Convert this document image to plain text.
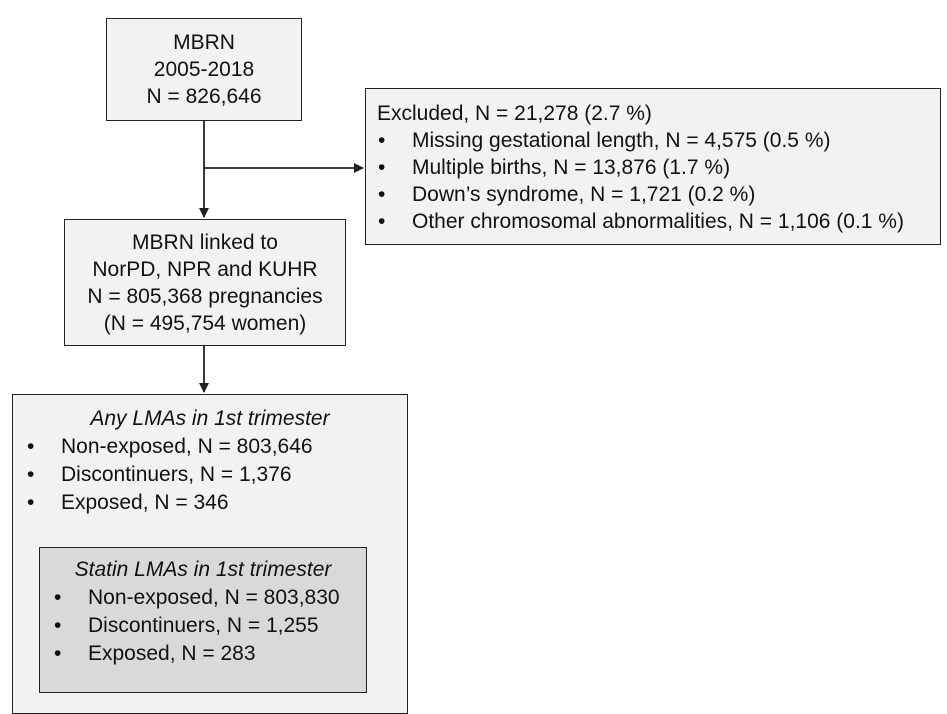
MBRN
2005-2018
N = 826,646
Excluded, N = 21,278 (2.7 %)
• Missing gestational length, N = 4,575 (0.5 %)
• Multiple births, N = 13,876 (1.7 %)
• Down’s syndrome, N = 1,721 (0.2 %)
• Other chromosomal abnormalities, N = 1,106 (0.1 %)
MBRN linked to
NorPD, NPR and KUHR
N = 805,368 pregnancies
(N = 495,754 women)
Any LMAs in 1st trimester
• Non-exposed, N = 803,646
• Discontinuers, N = 1,376
• Exposed, N = 346
Statin LMAs in 1st trimester
• Non-exposed, N = 803,830
• Discontinuers, N = 1,255
• Exposed, N = 283
